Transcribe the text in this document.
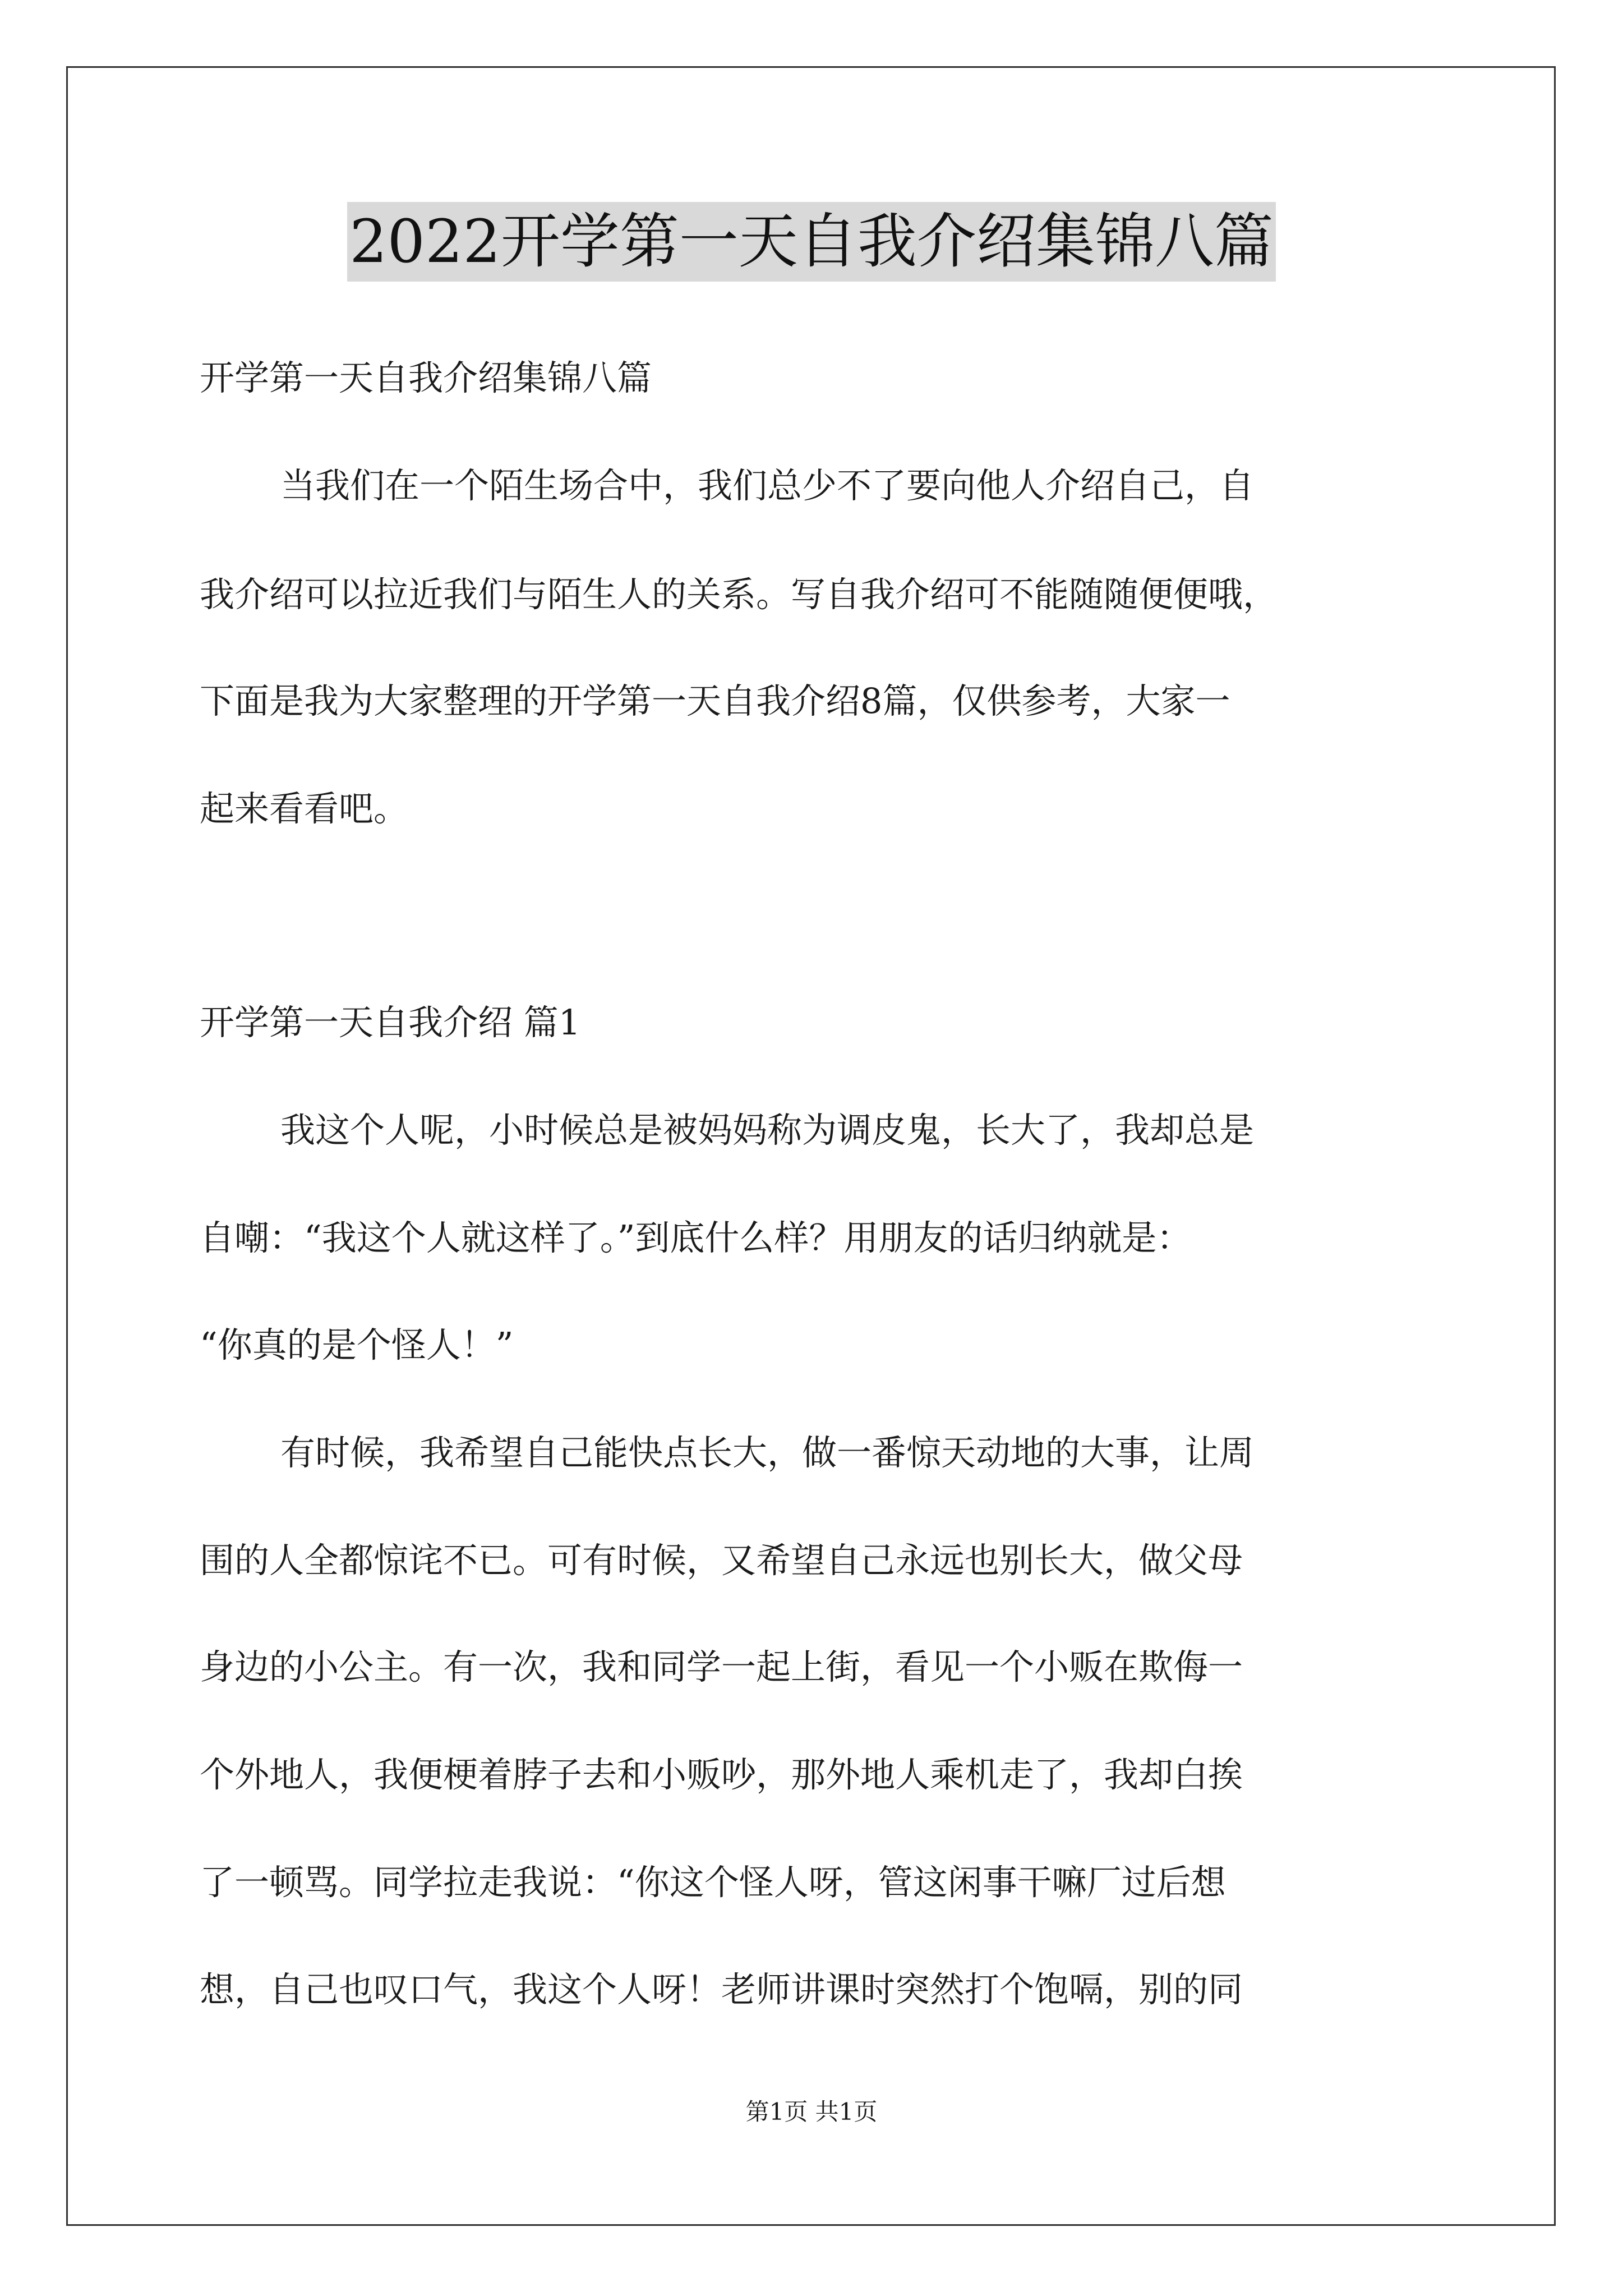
2022开学第一天自我介绍集锦八篇
开学第一天自我介绍集锦八篇
当我们在一个陌生场合中，我们总少不了要向他人介绍自己，自
我介绍可以拉近我们与陌生人的关系。写自我介绍可不能随随便便哦，
下面是我为大家整理的开学第一天自我介绍8篇，仅供参考，大家一
起来看看吧。
开学第一天自我介绍 篇1
我这个人呢，小时候总是被妈妈称为调皮鬼，长大了，我却总是
自嘲：“我这个人就这样了。”到底什么样？用朋友的话归纳就是：
“你真的是个怪人！”
有时候，我希望自己能快点长大，做一番惊天动地的大事，让周
围的人全都惊诧不已。可有时候，又希望自己永远也别长大，做父母
身边的小公主。有一次，我和同学一起上街，看见一个小贩在欺侮一
个外地人，我便梗着脖子去和小贩吵，那外地人乘机走了，我却白挨
了一顿骂。同学拉走我说：“你这个怪人呀，管这闲事干嘛厂过后想
想，自己也叹口气，我这个人呀！老师讲课时突然打个饱嗝，别的同
第1页 共1页
